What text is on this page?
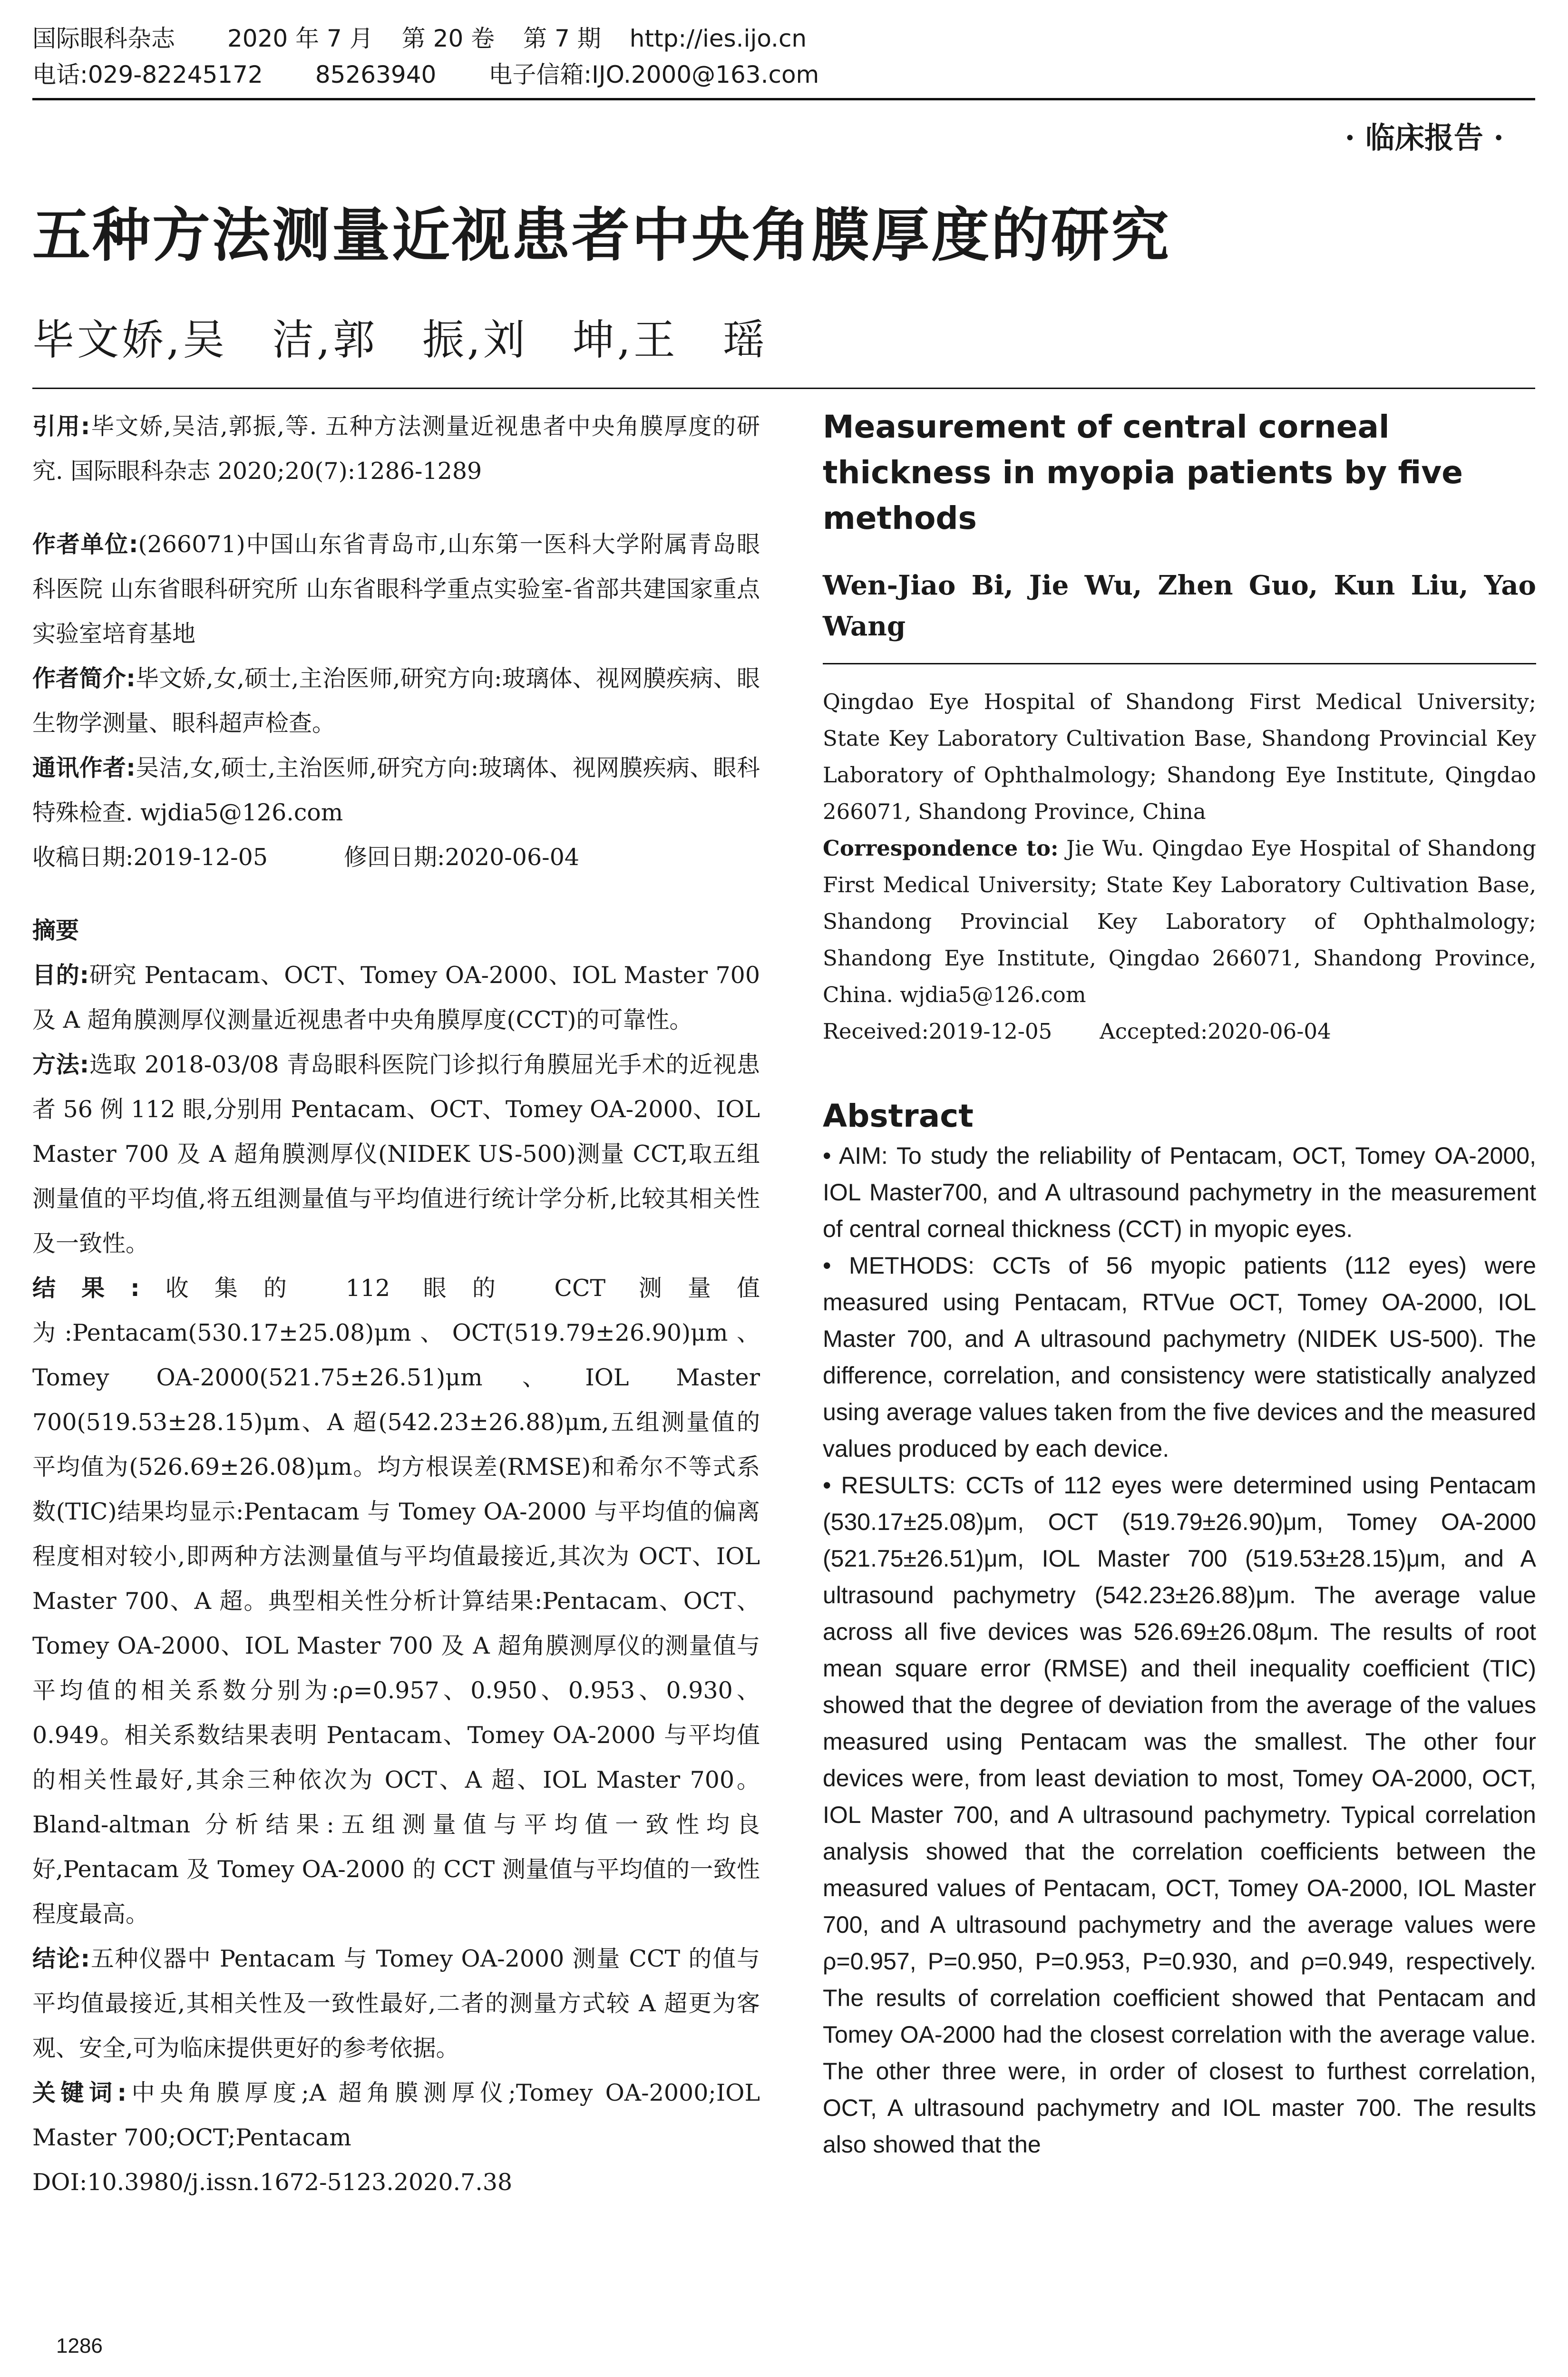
国际眼科杂志 2020 年 7 月 第 20 卷 第 7 期 http://ies.ijo.cn
电话:029-82245172 85263940 电子信箱:IJO.2000@163.com
· 临床报告 ·
五种方法测量近视患者中央角膜厚度的研究
毕文娇,吴　洁,郭　振,刘　坤,王　瑶

引用:毕文娇,吴洁,郭振,等. 五种方法测量近视患者中央角膜厚度的研究. 国际眼科杂志 2020;20(7):1286-1289

作者单位:(266071)中国山东省青岛市,山东第一医科大学附属青岛眼科医院 山东省眼科研究所 山东省眼科学重点实验室-省部共建国家重点实验室培育基地

作者简介:毕文娇,女,硕士,主治医师,研究方向:玻璃体、视网膜疾病、眼生物学测量、眼科超声检查。

通讯作者:吴洁,女,硕士,主治医师,研究方向:玻璃体、视网膜疾病、眼科特殊检查. wjdia5@126.com

收稿日期:2019-12-05	修回日期:2020-06-04

摘要

目的:研究 Pentacam、OCT、Tomey OA-2000、IOL Master 700 及 A 超角膜测厚仪测量近视患者中央角膜厚度(CCT)的可靠性。

方法:选取 2018-03/08 青岛眼科医院门诊拟行角膜屈光手术的近视患者 56 例 112 眼,分别用 Pentacam、OCT、Tomey OA-2000、IOL Master 700 及 A 超角膜测厚仪(NIDEK US-500)测量 CCT,取五组测量值的平均值,将五组测量值与平均值进行统计学分析,比较其相关性及一致性。

结果:收集的 112 眼的 CCT 测量值为:Pentacam(530.17±25.08)μm、OCT(519.79±26.90)μm、Tomey OA-2000(521.75±26.51)μm、IOL Master 700(519.53±28.15)μm、A 超(542.23±26.88)μm,五组测量值的平均值为(526.69±26.08)μm。均方根误差(RMSE)和希尔不等式系数(TIC)结果均显示:Pentacam 与 Tomey OA-2000 与平均值的偏离程度相对较小,即两种方法测量值与平均值最接近,其次为 OCT、IOL Master 700、A 超。典型相关性分析计算结果:Pentacam、OCT、Tomey OA-2000、IOL Master 700 及 A 超角膜测厚仪的测量值与平均值的相关系数分别为:ρ=0.957、0.950、0.953、0.930、0.949。相关系数结果表明 Pentacam、Tomey OA-2000 与平均值的相关性最好,其余三种依次为 OCT、A 超、IOL Master 700。Bland-altman 分析结果:五组测量值与平均值一致性均良好,Pentacam 及 Tomey OA-2000 的 CCT 测量值与平均值的一致性程度最高。

结论:五种仪器中 Pentacam 与 Tomey OA-2000 测量 CCT 的值与平均值最接近,其相关性及一致性最好,二者的测量方式较 A 超更为客观、安全,可为临床提供更好的参考依据。

关键词:中央角膜厚度;A 超角膜测厚仪;Tomey OA-2000;IOL Master 700;OCT;Pentacam

DOI:10.3980/j.issn.1672-5123.2020.7.38

Measurement of central corneal thickness in myopia patients by five methods

Wen-Jiao Bi, Jie Wu, Zhen Guo, Kun Liu, Yao Wang

Qingdao Eye Hospital of Shandong First Medical University; State Key Laboratory Cultivation Base, Shandong Provincial Key Laboratory of Ophthalmology; Shandong Eye Institute, Qingdao 266071, Shandong Province, China

Correspondence to: Jie Wu. Qingdao Eye Hospital of Shandong First Medical University; State Key Laboratory Cultivation Base, Shandong Provincial Key Laboratory of Ophthalmology; Shandong Eye Institute, Qingdao 266071, Shandong Province, China. wjdia5@126.com

Received:2019-12-05 Accepted:2020-06-04

Abstract

• AIM: To study the reliability of Pentacam, OCT, Tomey OA-2000, IOL Master700, and A ultrasound pachymetry in the measurement of central corneal thickness (CCT) in myopic eyes.

• METHODS: CCTs of 56 myopic patients (112 eyes) were measured using Pentacam, RTVue OCT, Tomey OA-2000, IOL Master 700, and A ultrasound pachymetry (NIDEK US-500). The difference, correlation, and consistency were statistically analyzed using average values taken from the five devices and the measured values produced by each device.

• RESULTS: CCTs of 112 eyes were determined using Pentacam (530.17±25.08)μm, OCT (519.79±26.90)μm, Tomey OA-2000 (521.75±26.51)μm, IOL Master 700 (519.53±28.15)μm, and A ultrasound pachymetry (542.23±26.88)μm. The average value across all five devices was 526.69±26.08μm. The results of root mean square error (RMSE) and theil inequality coefficient (TIC) showed that the degree of deviation from the average of the values measured using Pentacam was the smallest. The other four devices were, from least deviation to most, Tomey OA-2000, OCT, IOL Master 700, and A ultrasound pachymetry. Typical correlation analysis showed that the correlation coefficients between the measured values of Pentacam, OCT, Tomey OA-2000, IOL Master 700, and A ultrasound pachymetry and the average values were ρ=0.957, P=0.950, P=0.953, P=0.930, and ρ=0.949, respectively. The results of correlation coefficient showed that Pentacam and Tomey OA-2000 had the closest correlation with the average value. The other three were, in order of closest to furthest correlation, OCT, A ultrasound pachymetry and IOL master 700. The results also showed that the

1286
